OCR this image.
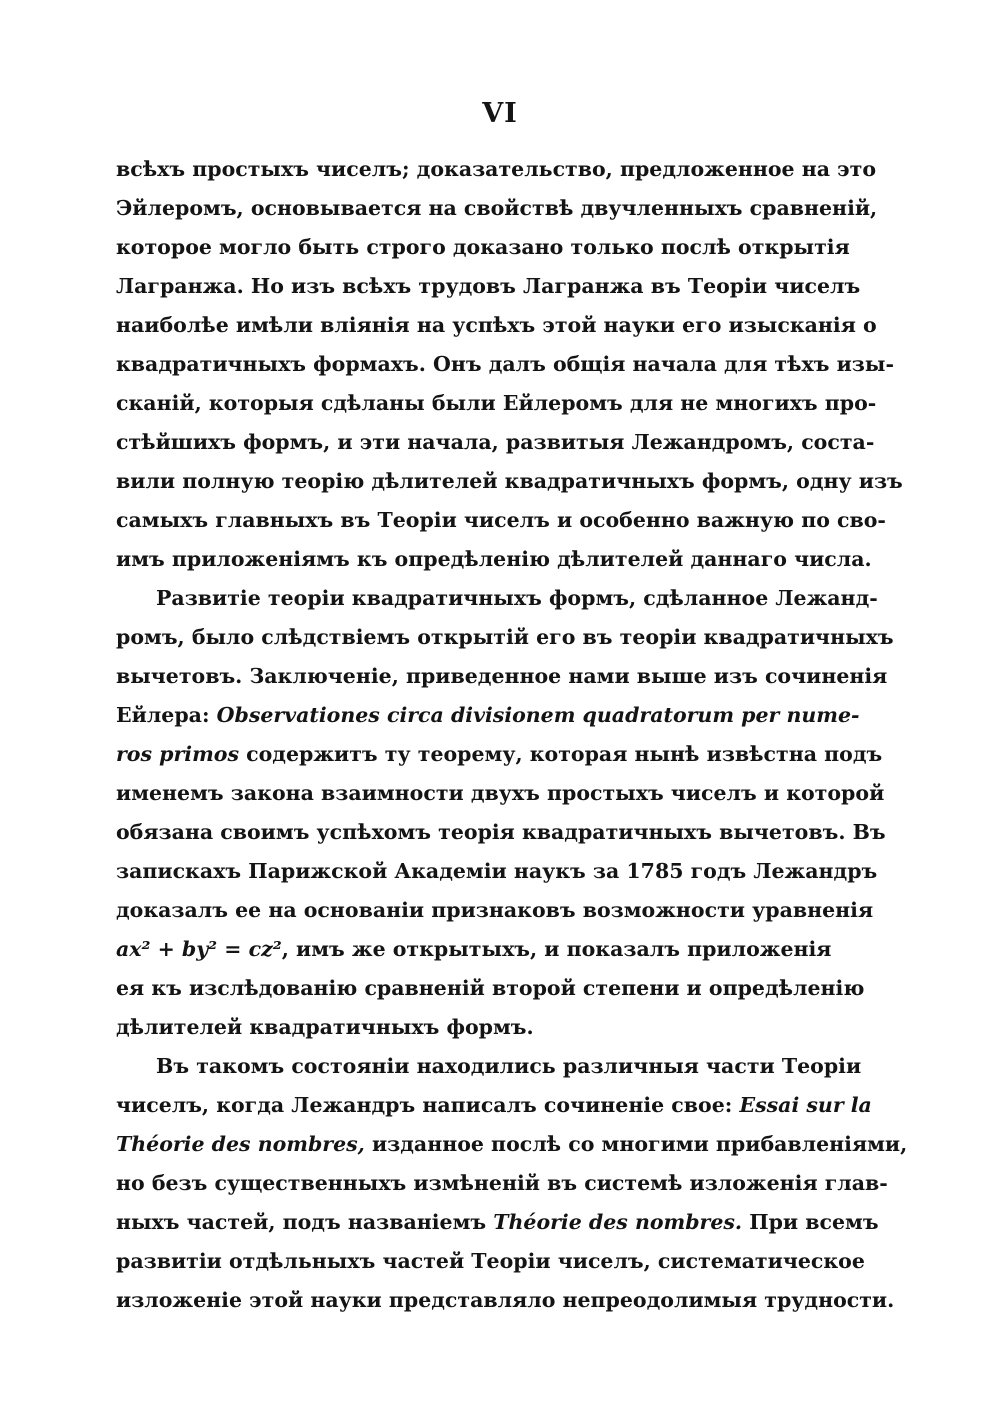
VI
всѣхъ простыхъ чиселъ; доказательство, предложенное на это
Эйлеромъ, основывается на свойствѣ двучленныхъ сравненій,
которое могло быть строго доказано только послѣ открытія
Лагранжа. Но изъ всѣхъ трудовъ Лагранжа въ Теоріи чиселъ
наиболѣе имѣли вліянія на успѣхъ этой науки его изысканія о
квадратичныхъ формахъ. Онъ далъ общія начала для тѣхъ изы-
сканій, которыя сдѣланы были Ейлеромъ для не многихъ про-
стѣйшихъ формъ, и эти начала, развитыя Лежандромъ, соста-
вили полную теорію дѣлителей квадратичныхъ формъ, одну изъ
самыхъ главныхъ въ Теоріи чиселъ и особенно важную по сво-
имъ приложеніямъ къ опредѣленію дѣлителей даннаго числа.
Развитіе теоріи квадратичныхъ формъ, сдѣланное Лежанд-
ромъ, было слѣдствіемъ открытій его въ теоріи квадратичныхъ
вычетовъ. Заключеніе, приведенное нами выше изъ сочиненія
Ейлера: Observationes circa divisionem quadratorum per nume-
ros primos содержитъ ту теорему, которая нынѣ извѣстна подъ
именемъ закона взаимности двухъ простыхъ чиселъ и которой
обязана своимъ успѣхомъ теорія квадратичныхъ вычетовъ. Въ
запискахъ Парижской Академіи наукъ за 1785 годъ Лежандръ
доказалъ ее на основаніи признаковъ возможности уравненія
ax² + by² = cz², имъ же открытыхъ, и показалъ приложенія
ея къ изслѣдованію сравненій второй степени и опредѣленію
дѣлителей квадратичныхъ формъ.
Въ такомъ состояніи находились различныя части Теоріи
чиселъ, когда Лежандръ написалъ сочиненіе свое: Essai sur la
Théorie des nombres, изданное послѣ со многими прибавленіями,
но безъ существенныхъ измѣненій въ системѣ изложенія глав-
ныхъ частей, подъ названіемъ Théorie des nombres. При всемъ
развитіи отдѣльныхъ частей Теоріи чиселъ, систематическое
изложеніе этой науки представляло непреодолимыя трудности.
